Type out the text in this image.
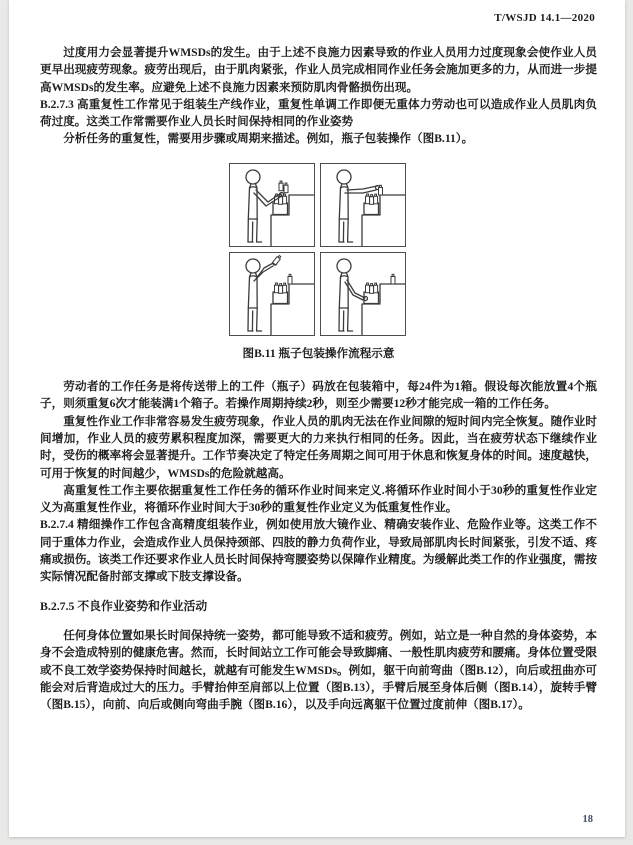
T/WSJD 14.1—2020

过度用力会显著提升WMSDs的发生。由于上述不良施力因素导致的作业人员用力过度现象会使作业人员更早出现疲劳现象。疲劳出现后，由于肌肉紧张，作业人员完成相同作业任务会施加更多的力，从而进一步提高WMSDs的发生率。应避免上述不良施力因素来预防肌肉骨骼损伤出现。

B.2.7.3 高重复性工作常见于组装生产线作业，重复性单调工作即便无重体力劳动也可以造成作业人员肌肉负荷过度。这类工作常需要作业人员长时间保持相同的作业姿势

分析任务的重复性，需要用步骤或周期来描述。例如，瓶子包装操作（图B.11）。

图B.11 瓶子包装操作流程示意

劳动者的工作任务是将传送带上的工件（瓶子）码放在包装箱中，每24件为1箱。假设每次能放置4个瓶子，则须重复6次才能装满1个箱子。若操作周期持续2秒，则至少需要12秒才能完成一箱的工作任务。

重复性作业工作非常容易发生疲劳现象，作业人员的肌肉无法在作业间隙的短时间内完全恢复。随作业时间增加，作业人员的疲劳累积程度加深，需要更大的力来执行相同的任务。因此，当在疲劳状态下继续作业时，受伤的概率将会显著提升。工作节奏决定了特定任务周期之间可用于休息和恢复身体的时间。速度越快，可用于恢复的时间越少，WMSDs的危险就越高。

高重复性工作主要依据重复性工作任务的循环作业时间来定义.将循环作业时间小于30秒的重复性作业定义为高重复性作业，将循环作业时间大于30秒的重复性作业定义为低重复性作业。

B.2.7.4 精细操作工作包含高精度组装作业，例如使用放大镜作业、精确安装作业、危险作业等。这类工作不同于重体力作业，会造成作业人员保持颈部、四肢的静力负荷作业，导致局部肌肉长时间紧张，引发不适、疼痛或损伤。该类工作还要求作业人员长时间保持弯腰姿势以保障作业精度。为缓解此类工作的作业强度，需按实际情况配备肘部支撑或下肢支撑设备。

B.2.7.5 不良作业姿势和作业活动

任何身体位置如果长时间保持统一姿势，都可能导致不适和疲劳。例如，站立是一种自然的身体姿势，本身不会造成特别的健康危害。然而，长时间站立工作可能会导致脚痛、一般性肌肉疲劳和腰痛。身体位置受限或不良工效学姿势保持时间越长，就越有可能发生WMSDs。例如，躯干向前弯曲（图B.12），向后或扭曲亦可能会对后背造成过大的压力。手臂抬伸至肩部以上位置（图B.13），手臂后展至身体后侧（图B.14），旋转手臂（图B.15），向前、向后或侧向弯曲手腕（图B.16），以及手向远离躯干位置过度前伸（图B.17）。

18
